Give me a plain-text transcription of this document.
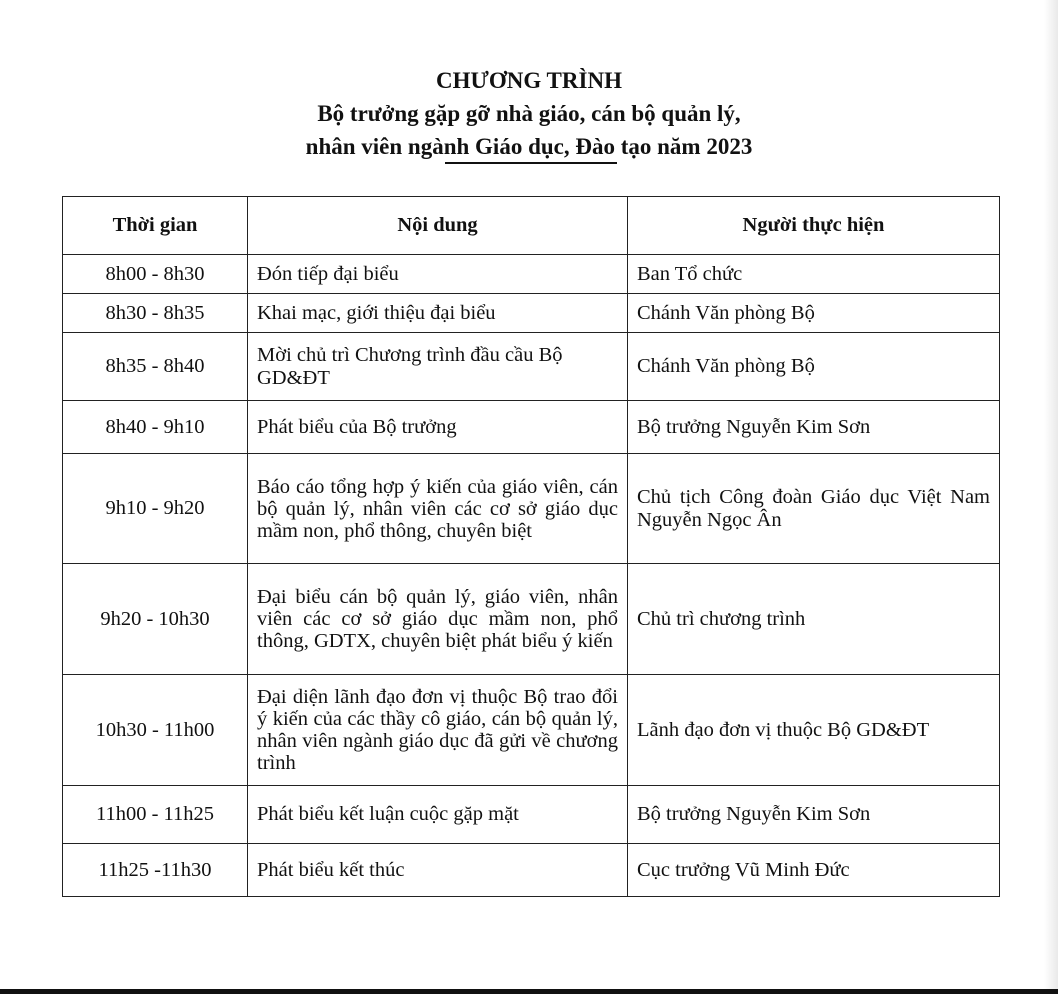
CHƯƠNG TRÌNH
Bộ trưởng gặp gỡ nhà giáo, cán bộ quản lý,
nhân viên ngành Giáo dục, Đào tạo năm 2023
Thời gian	Nội dung	Người thực hiện
8h00 - 8h30	Đón tiếp đại biểu	Ban Tổ chức
8h30 - 8h35	Khai mạc, giới thiệu đại biểu	Chánh Văn phòng Bộ
8h35 - 8h40	Mời chủ trì Chương trình đầu cầu Bộ GD&ĐT	Chánh Văn phòng Bộ
8h40 - 9h10	Phát biểu của Bộ trưởng	Bộ trưởng Nguyễn Kim Sơn
9h10 - 9h20	Báo cáo tổng hợp ý kiến của giáo viên, cán bộ quản lý, nhân viên các cơ sở giáo dục mầm non, phổ thông, chuyên biệt	Chủ tịch Công đoàn Giáo dục Việt Nam Nguyễn Ngọc Ân
9h20 - 10h30	Đại biểu cán bộ quản lý, giáo viên, nhân viên các cơ sở giáo dục mầm non, phổ thông, GDTX, chuyên biệt phát biểu ý kiến	Chủ trì chương trình
10h30 - 11h00	Đại diện lãnh đạo đơn vị thuộc Bộ trao đổi ý kiến của các thầy cô giáo, cán bộ quản lý, nhân viên ngành giáo dục đã gửi về chương trình	Lãnh đạo đơn vị thuộc Bộ GD&ĐT
11h00 - 11h25	Phát biểu kết luận cuộc gặp mặt	Bộ trưởng Nguyễn Kim Sơn
11h25 -11h30	Phát biểu kết thúc	Cục trưởng Vũ Minh Đức
